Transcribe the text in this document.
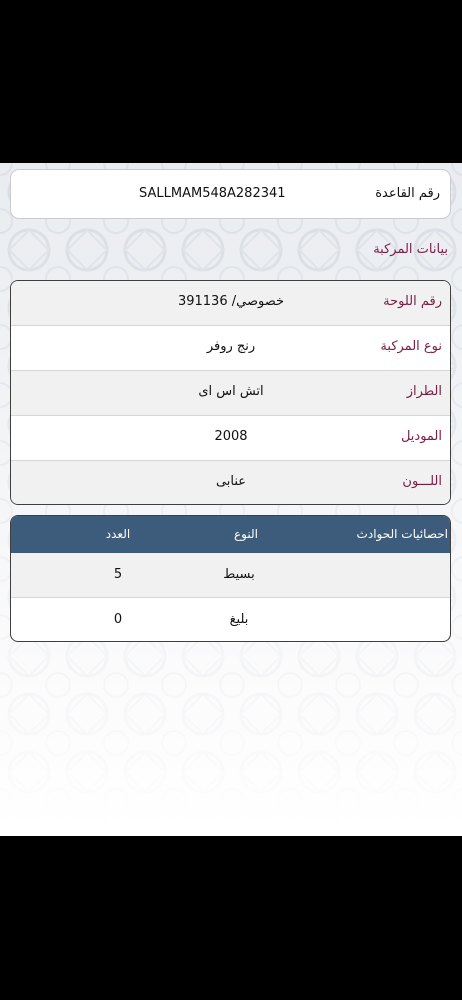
رقم القاعدة
SALLMAM548A282341
بيانات المركبة
رقم اللوحة
خصوصي/ 391136
نوع المركبة
رنج روفر
الطراز
اتش اس اى
الموديل
2008
اللـــون
عنابى
احصائيات الحوادث
النوع
العدد
بسيط
5
بليغ
0
